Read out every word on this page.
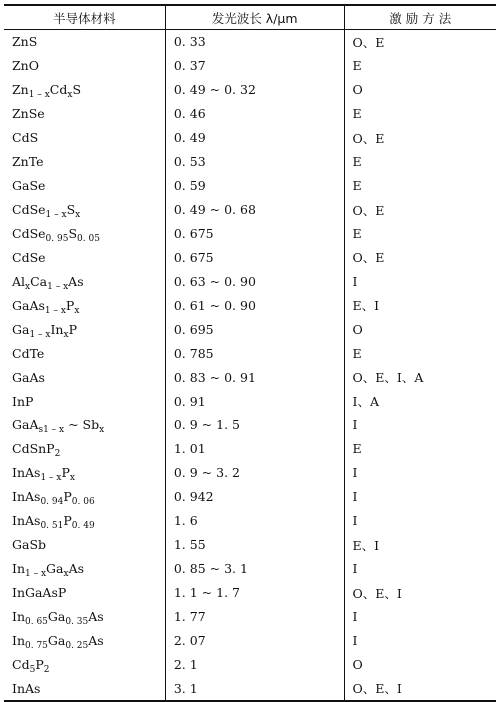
半导体材料	发光波长 λ/μm	激 励 方 法
ZnS	0. 33	O、E
ZnO	0. 37	E
$Zn_{1 - x}Cd_xS$	0. 49 ~ 0. 32	O
ZnSe	0. 46	E
CdS	0. 49	O、E
ZnTe	0. 53	E
GaSe	0. 59	E
$CdSe_{1 - x}S_x$	0. 49 ~ 0. 68	O、E
$CdSe_{0. 95}S_{0. 05}$	0. 675	E
CdSe	0. 675	O、E
$Al_xCa_{1 - x}As$	0. 63 ~ 0. 90	I
$GaAs_{1 - x}P_x$	0. 61 ~ 0. 90	E、I
$Ga_{1 - x}In_xP$	0. 695	O
CdTe	0. 785	E
GaAs	0. 83 ~ 0. 91	O、E、I、A
InP	0. 91	I、A
GaA$_{s1 - x}$ ~ $Sb_x$	0. 9 ~ 1. 5	I
CdSnP$_2$	1. 01	E
$InAs_{1 - x}P_x$	0. 9 ~ 3. 2	I
$InAs_{0. 94}P_{0. 06}$	0. 942	I
$InAs_{0. 51}P_{0. 49}$	1. 6	I
GaSb	1. 55	E、I
$In_{1 - x}Ga_xAs$	0. 85 ~ 3. 1	I
InGaAsP	1. 1 ~ 1. 7	O、E、I
$In_{0. 65}Ga_{0. 35}As$	1. 77	I
$In_{0. 75}Ga_{0. 25}As$	2. 07	I
$Cd_5P_2$	2. 1	O
InAs	3. 1	O、E、I
